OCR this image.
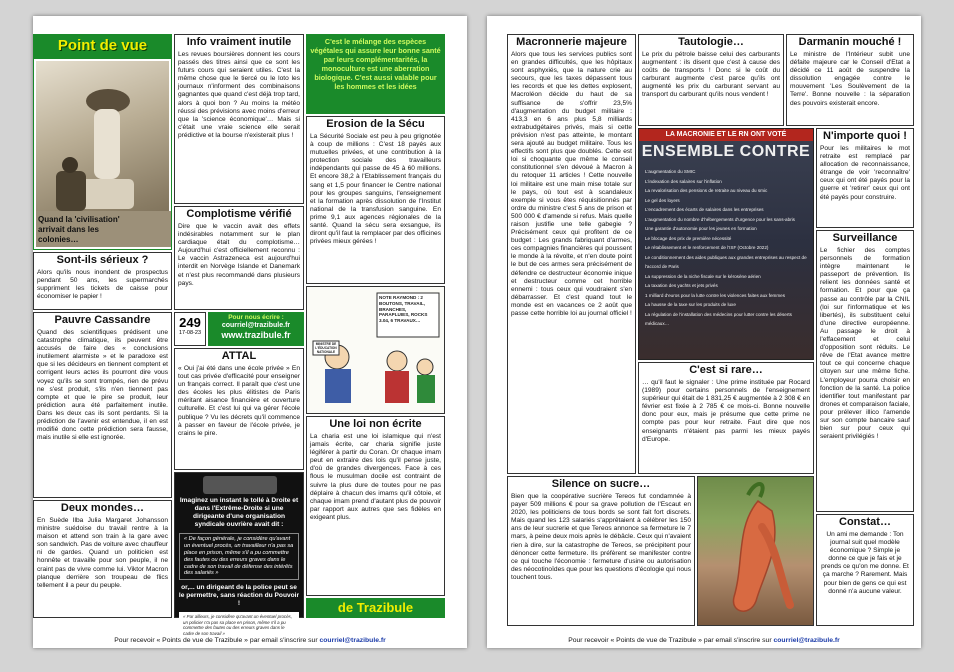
Point de vue
Quand la 'civilisation' arrivait dans les colonies…
Info vraiment inutile
Les revues boursières donnent les cours passés des titres ainsi que ce sont les futurs cours qui seraient utiles. C'est la même chose que le tiercé ou le loto les journaux n'informent des combinaisons gagnantes que quand c'est déjà trop tard, alors à quoi bon ? Au moins la météo réussi des prévisions avec moins d'erreur que la 'science économique'… Mais si c'était une vraie science elle serait prédictive et la bourse n'existerait plus !
C'est le mélange des espèces végétales qui assure leur bonne santé par leurs complémentarités, la monoculture est une aberration biologique. C'est aussi valable pour les hommes et les idées
Erosion de la Sécu
La Sécurité Sociale est peu à peu grignotée à coup de millions : C'est 18 payés aux mutuelles privées, et une contribution à la protection sociale des travailleurs indépendants qui passe de 45 à 60 millions. Et encore 38,2 à l'Etablissement français du sang et 1,5 pour financer le Centre national pour les groupes sanguins, l'enseignement et la formation après dissolution de l'Institut national de la transfusion sanguine. En prime 9,1 aux agences régionales de la santé. Quand la sécu sera exsangue, ils diront qu'il faut la remplacer par des officines privées mieux gérées !
Complotisme vérifié
Dire que le vaccin avait des effets indésirables notamment sur le plan cardiaque était du complotisme… Aujourd'hui c'est officiellement reconnu : Le vaccin Astrazeneca est aujourd'hui interdit en Norvège Islande et Danemark et n'est plus recommandé dans plusieurs pays.
Sont-ils sérieux ?
Alors qu'ils nous inondent de prospectus pendant 50 ans, les supermarchés suppriment les tickets de caisse pour économiser le papier !
Pauvre Cassandre
Quand des scientifiques prédisent une catastrophe climatique, ils peuvent être accusés de faire des « conclusions inutilement alarmiste » et le paradoxe est que si les décideurs en tiennent comptent et corrigent leurs actes ils pourront dire vous voyez qu'ils se sont trompés, rien de prévu ne s'est produit, s'ils n'en tiennent pas compte et que le pire se produit, leur prédiction aura été parfaitement inutile. Dans les deux cas ils sont perdants. Si la prédiction de l'avenir est entendue, il en est modifié donc cette prédiction sera fausse, mais inutile si elle est ignorée.
249
17-08-23
Pour nous écrire :
courriel@trazibule.fr
www.trazibule.fr
ATTAL
« Oui j'ai été dans une école privée » En tout cas privée d'efficacité pour enseigner un français correct. Il paraît que c'est une des écoles les plus élitistes de Paris méritant aisance financière et ouverture culturelle. Et c'est lui qui va gérer l'école publique ? Vu les décrets qu'il commence à passer en faveur de l'école privée, je crains le pire.
NOTE RAYMOND : 2 BOUTONS, TRAVAIL, BRANCHES, PARAPLUIES, ROCKS 3.04, 6 TRAVAUX…
MINISTRE DE L'ÉDUCATION NATIONALE
Une loi non écrite
La charia est une loi islamique qui n'est jamais écrite, car charia signifie juste légiférer à partir du Coran. Or chaque imam peut en extraire des lois qu'il pense juste, d'où de grandes divergences. Face à ces flous le musulman docile est contraint de suivre la plus dure de toutes pour ne pas déplaire à chacun des imams qu'il côtoie, et chaque imam prend d'autant plus de pouvoir par rapport aux autres que ses fidèles en exigeant plus.
Imaginez un instant le tollé à Droite et dans l'Extrême-Droite si une dirigeante d'une organisation syndicale ouvrière avait dit :
« De façon générale, je considère qu'avant un éventuel procès, un travailleur n'a pas sa place en prison, même s'il a pu commettre des fautes ou des erreurs graves dans le cadre de son travail de défense des intérêts des salariés »
or,... un dirigeant de la police peut se le permettre, sans réaction du Pouvoir !
« Par ailleurs, je considère qu'avant un éventuel procès, un policier n'a pas sa place en prison, même s'il a pu commettre des fautes ou des erreurs graves dans le cadre de son travail »
Deux mondes…
En Suède Ilba Julia Margaret Johansson ministre suédoise du travail rentre à la maison et attend son train à la gare avec son sandwich. Pas de voiture avec chauffeur ni de gardes. Quand un politicien est honnête et travaille pour son peuple, il ne craint pas de vivre comme lui. Viktor Macron planque derrière son troupeau de flics tellement il a peur du peuple.
de Trazibule
Pour recevoir « Points de vue de Trazibule » par email s'inscrire sur courriel@trazibule.fr
Macronnerie majeure
Alors que tous les services publics sont en grandes difficultés, que les hôpitaux sont asphyxiés, que la nature crie au secours, que les taxes dépassent tous les records et que les dettes explosent, Macroléon décide du haut de sa suffisance de s'offrir 23,5% d'augmentation du budget militaire : 413,3 en 6 ans plus 5,8 milliards extrabudgétaires privés, mais si cette prévision n'est pas atteinte, le montant sera ajouté au budget militaire. Tous les effectifs sont plus que doublés. Cette est loi si choquante que même le conseil constitutionnel s'en dévoué à Macron à du retoquer 11 articles ! Cette nouvelle loi militaire est une main mise totale sur le pays, où tout est à scandaleux exemple si vous êtes réquisitionnés par ordre du ministre c'est 5 ans de prison et 500 000 € d'amende si refus. Mais quelle raison justifie une telle gabegie ? Précisément ceux qui profitent de ce budget : Les grands fabriquant d'armes, ces compagnies financières qui poussent le monde à la révolte, et n'en doute point le but de ces armes sera précisément de défendre ce destructeur économie inique et destructeur comme cet horrible ennemi : tous ceux qui voudraient s'en débarrasser. Et c'est quand tout le monde est en vacances ce 2 août que passe cette horrible loi au journal officiel !
Tautologie…
Le prix du pétrole baisse celui des carburants augmentent : ils disent que c'est à cause des coûts de transports ! Donc si le coût du carburant augmente c'est parce qu'ils ont augmenté les prix du carburant servant au transport du carburant qu'ils nous vendent !
Darmanin mouché !
Le ministre de l'Intérieur subit une défaite majeure car le Conseil d'Etat a décidé ce 11 août de suspendre la dissolution engagée contre le mouvement 'Les Soulèvement de la Terre'. Bonne nouvelle : la séparation des pouvoirs existerait encore.
LA MACRONIE ET LE RN ONT VOTÉ
ENSEMBLE CONTRE
L'augmentation du SMIC
L'indexation des salaires sur l'inflation
La revalorisation des pensions de retraite au niveau du smic
Le gel des loyers
L'encadrement des écarts de salaires dans les entreprises
L'augmentation du nombre d'hébergements d'urgence pour les sans-abris
Une garantie d'autonomie pour les jeunes en formation
Le blocage des prix de première nécessité
Le rétablissement et le renforcement de l'ISF (Octobre 2022)
Le conditionnement des aides publiques aux grandes entreprises au respect de l'accord de Paris
La suppression de la niche fiscale sur le kérosène aérien
La taxation des yachts et jets privés
1 milliard d'euros pour la lutte contre les violences faites aux femmes
La hausse de la taxe sur les produits de luxe
La régulation de l'installation des médecins pour lutter contre les déserts médicaux…
N'importe quoi !
Pour les militaires le mot retraite est remplacé par allocation de reconnaissance, étrange de voir 'reconnaître' ceux qui ont été payés pour la guerre et 'retirer' ceux qui ont été payés pour construire.
Surveillance
Le fichier des comptes personnels de formation intègre maintenant le passeport de prévention. Ils relient les données santé et formation. Et pour que ça passe au contrôle par la CNIL (loi sur l'informatique et les libertés), ils substituent celui d'une directive européenne. Au passage le droit à l'effacement et celui d'opposition sont réduits. Le rêve de l'Etat avance mettre tout ce qui concerne chaque citoyen sur une même fiche. L'employeur pourra choisir en fonction de la santé. La police identifier tout manifestant par drones et comparaison faciale, pour prélever illico l'amende sur son compte bancaire sauf bien sur pour ceux qui seraient privilégiés !
C'est si rare…
… qu'il faut le signaler : Une prime instituée par Rocard (1989) pour certains personnels de l'enseignement supérieur qui était de 1 831,25 € augmentée à 2 308 € en février est fixée à 2 785 € ce mois-ci. Bonne nouvelle donc pour eux, mais je présume que cette prime ne compte pas pour leur retraite. Faut dire que nos enseignants n'étaient pas parmi les mieux payés d'Europe.
Silence on sucre…
Bien que la coopérative sucrière Tereos fut condamnée à payer 509 millions € pour sa grave pollution de l'Escaut en 2020, les politiciens de tous bords se sont fait fort discrets. Mais quand les 123 salariés s'apprêtaient à célébrer les 150 ans de leur sucrerie et que Tereos annonce sa fermeture le 7 mars, à peine deux mois après le débâcle. Ceux qui n'avaient rien à dire, sur la catastrophe de Tereos, se précipitent pour dénoncer cette fermeture. Ils préfèrent se manifester contre ce qui touche l'économie : fermeture d'usine ou autorisation des néocotinoïdes que pour les questions d'écologie qui nous touchent tous.
Constat…
Un ami me demande : Ton journal suit quel modèle économique ? Simple je donne ce que je fais et je prends ce qu'on me donne. Et ça marche ? Rarement. Mais pour bien de gens ce qui est donné n'a aucune valeur.
Pour recevoir « Points de vue de Trazibule » par email s'inscrire sur courriel@trazibule.fr
